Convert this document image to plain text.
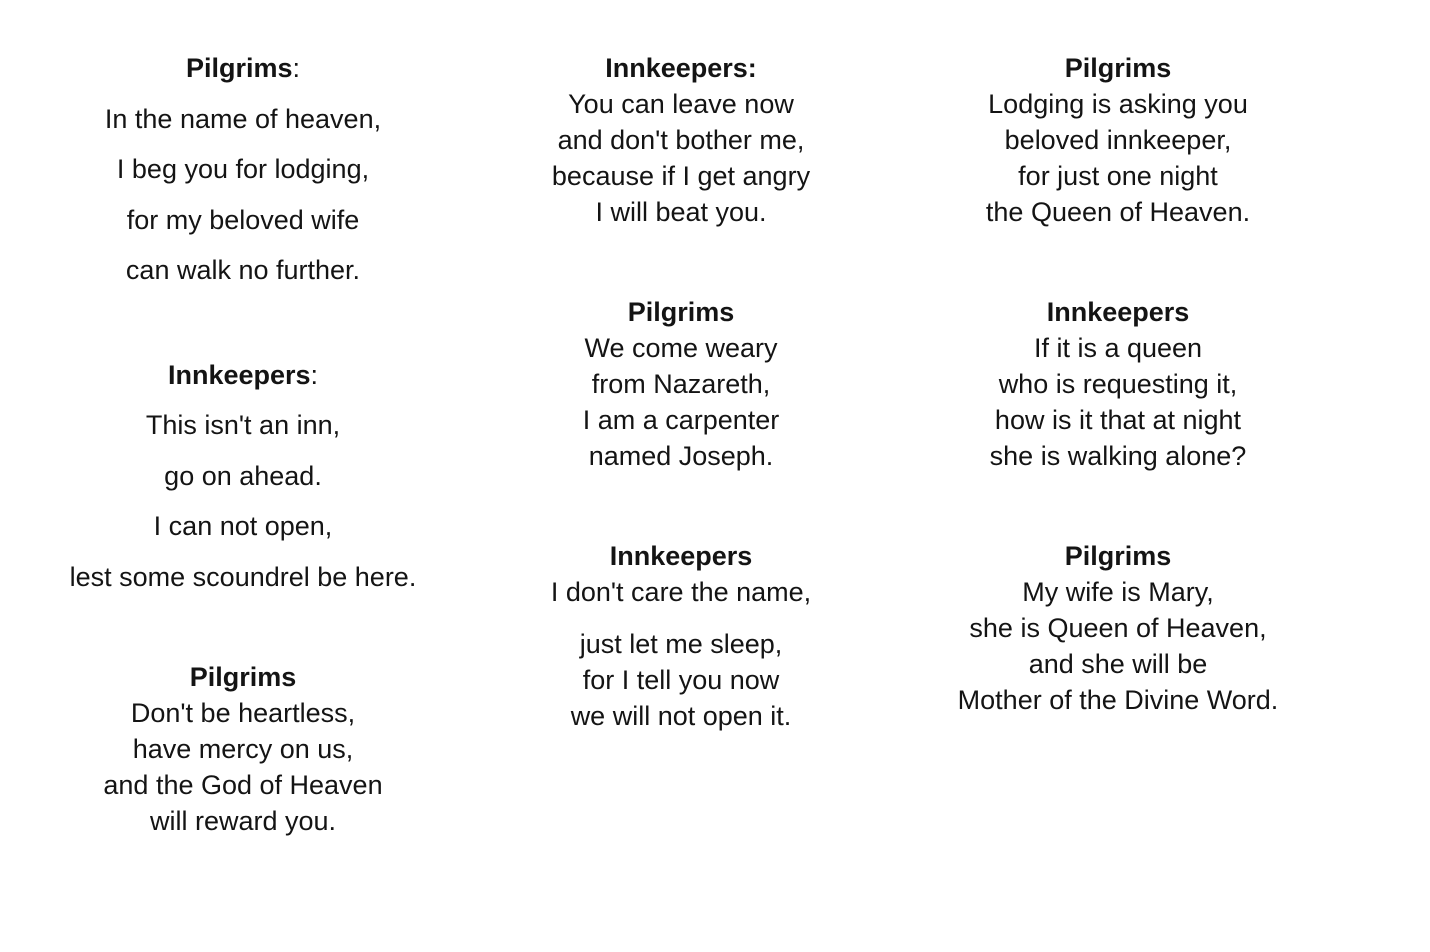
Pilgrims:

In the name of heaven,

I beg you for lodging,

for my beloved wife

can walk no further.

Innkeepers:

This isn't an inn,

go on ahead.

I can not open,

lest some scoundrel be here.

Pilgrims

Don't be heartless,

have mercy on us,

and the God of Heaven

will reward you.

Innkeepers:

You can leave now

and don't bother me,

because if I get angry

I will beat you.

Pilgrims

We come weary

from Nazareth,

I am a carpenter

named Joseph.

Innkeepers

I don't care the name,

just let me sleep,

for I tell you now

we will not open it.

Pilgrims

Lodging is asking you

beloved innkeeper,

for just one night

the Queen of Heaven.

Innkeepers

If it is a queen

who is requesting it,

how is it that at night

she is walking alone?

Pilgrims

My wife is Mary,

she is Queen of Heaven,

and she will be

Mother of the Divine Word.
